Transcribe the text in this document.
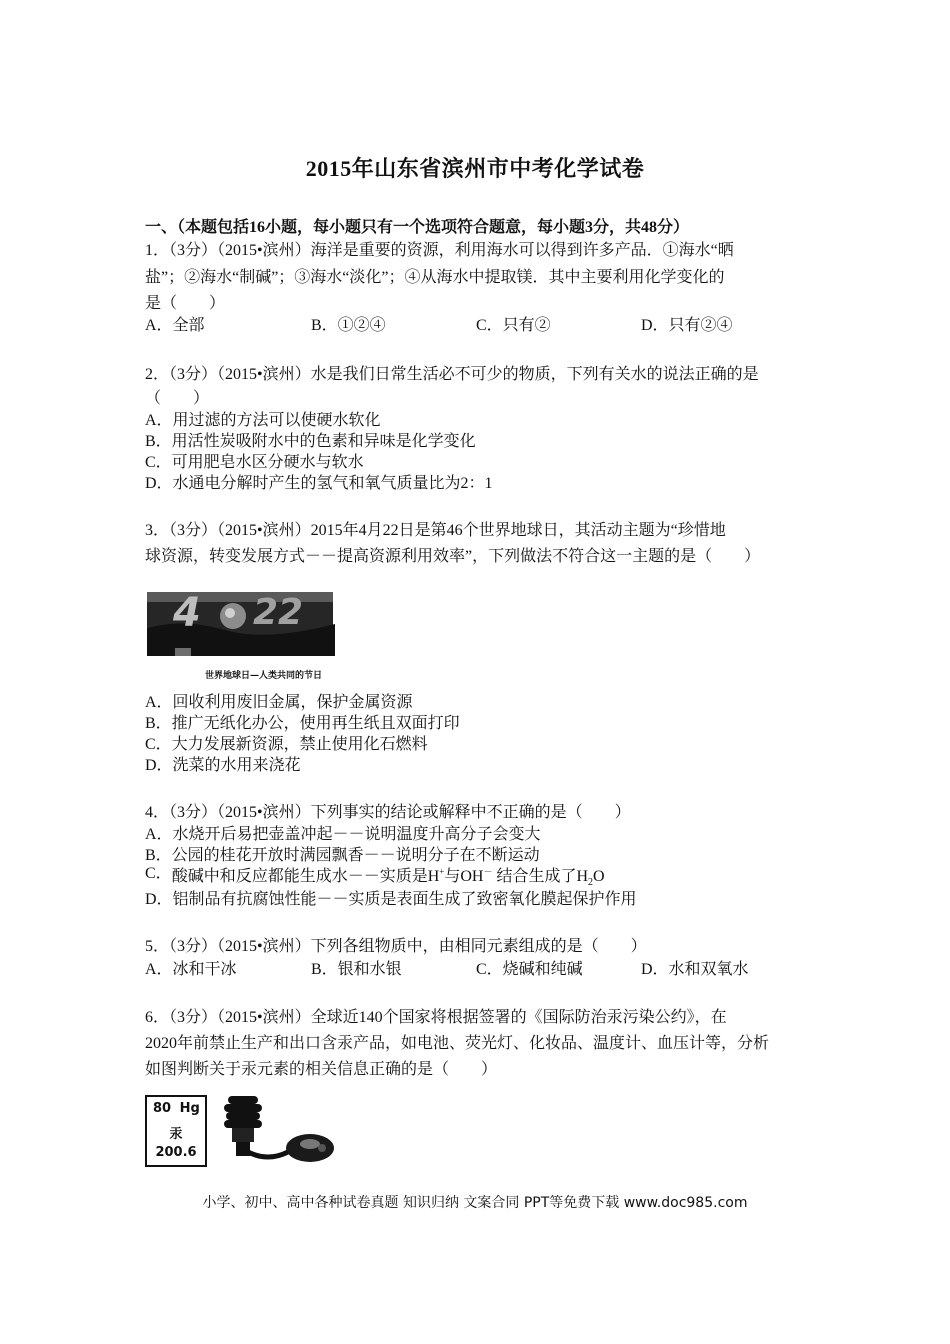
2015年山东省滨州市中考化学试卷
一、（本题包括16小题，每小题只有一个选项符合题意，每小题3分，共48分）
1．（3分）（2015•滨州）海洋是重要的资源，利用海水可以得到许多产品．①海水“晒
盐”；②海水“制碱”；③海水“淡化”；④从海水中提取镁．其中主要利用化学变化的
是（　　）
A．全部	B．①②④	C．只有②	D．只有②④
2．（3分）（2015•滨州）水是我们日常生活必不可少的物质，下列有关水的说法正确的是
（　　）
A．用过滤的方法可以使硬水软化
B．用活性炭吸附水中的色素和异味是化学变化
C．可用肥皂水区分硬水与软水
D．水通电分解时产生的氢气和氧气质量比为2：1
3．（3分）（2015•滨州）2015年4月22日是第46个世界地球日，其活动主题为“珍惜地
球资源，转变发展方式－－提高资源利用效率”，下列做法不符合这一主题的是（　　）
4 22
世界地球日—人类共同的节日
A．回收利用废旧金属，保护金属资源
B．推广无纸化办公，使用再生纸且双面打印
C．大力发展新资源，禁止使用化石燃料
D．洗菜的水用来浇花
4．（3分）（2015•滨州）下列事实的结论或解释中不正确的是（　　）
A．水烧开后易把壶盖冲起－－说明温度升高分子会变大
B．公园的桂花开放时满园飘香－－说明分子在不断运动
C．酸碱中和反应都能生成水－－实质是H+与OH－ 结合生成了$H_2O$
D．铝制品有抗腐蚀性能－－实质是表面生成了致密氧化膜起保护作用
5．（3分）（2015•滨州）下列各组物质中，由相同元素组成的是（　　）
A．冰和干冰	B．银和水银	C．烧碱和纯碱	D．水和双氧水
6．（3分）（2015•滨州）全球近140个国家将根据签署的《国际防治汞污染公约》，在
2020年前禁止生产和出口含汞产品，如电池、荧光灯、化妆品、温度计、血压计等，分析
如图判断关于汞元素的相关信息正确的是（　　）
80 Hg
汞
200.6
小学、初中、高中各种试卷真题 知识归纳 文案合同 PPT等免费下载 www.doc985.com
